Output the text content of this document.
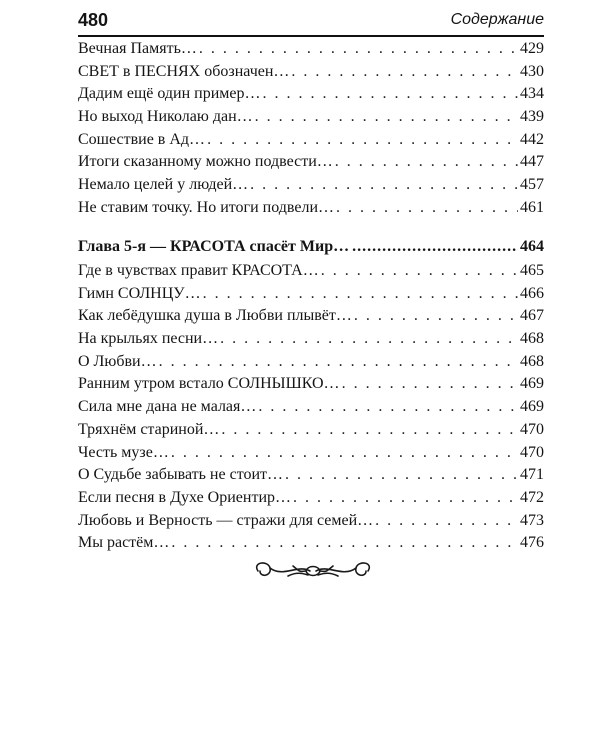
480	Содержание
Вечная Память… . . .	429
СВЕТ в ПЕСНЯХ обозначен… . . .	430
Дадим ещё один пример… . . .	434
Но выход Николаю дан… . . .	439
Сошествие в Ад… . . .	442
Итоги сказанному можно подвести… . . .	447
Немало целей у людей… . . .	457
Не ставим точку. Но итоги подвели… . . .	461
Глава 5-я — КРАСОТА спасёт Мир… .....	464
Где в чувствах правит КРАСОТА… . . .	465
Гимн СОЛНЦУ… . . .	466
Как лебёдушка душа в Любви плывёт… . . .	467
На крыльях песни… . . .	468
О Любви… . . .	468
Ранним утром встало СОЛНЫШКО… . . .	469
Сила мне дана не малая… . . .	469
Тряхнём стариной… . . .	470
Честь музе… . . .	470
О Судьбе забывать не стоит… . . .	471
Если песня в Духе Ориентир… . . .	472
Любовь и Верность — стражи для семей… . . .	473
Мы растём… . . .	476
